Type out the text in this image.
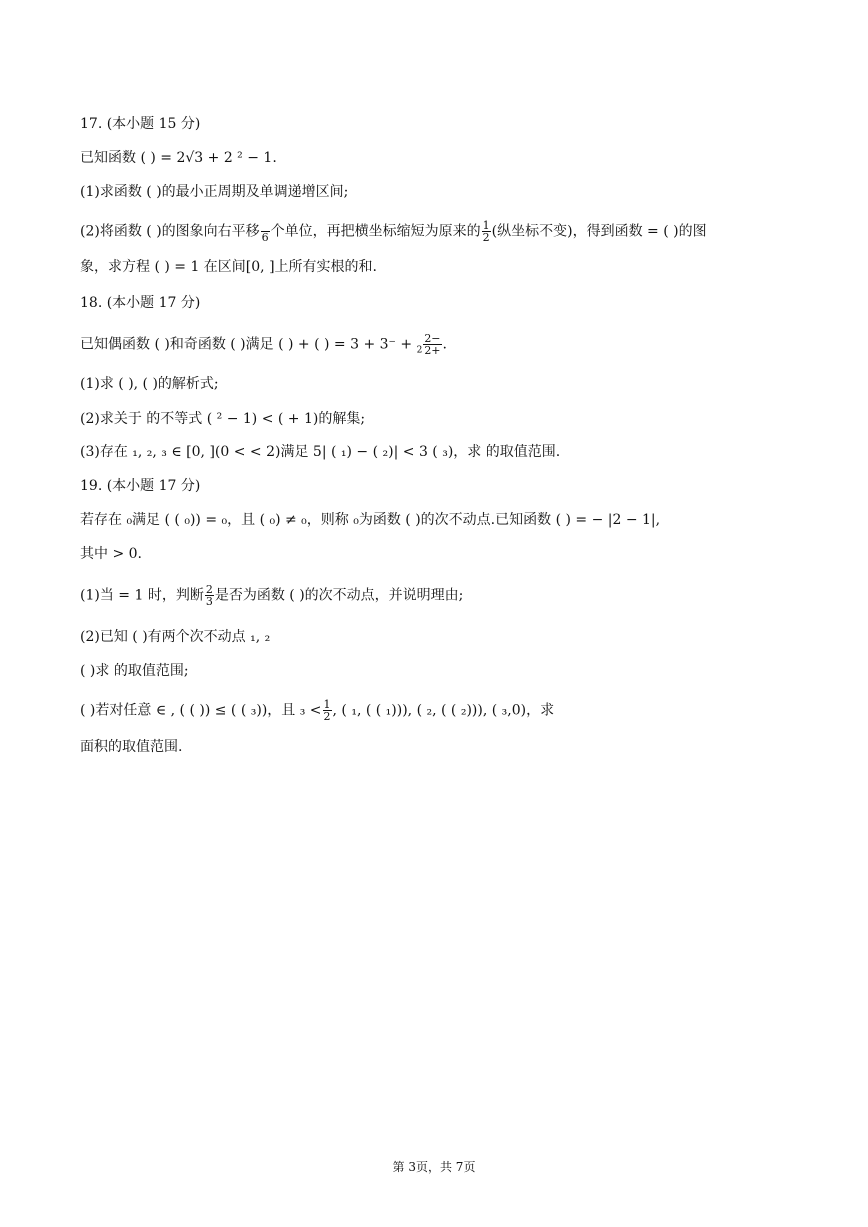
17. (本小题 15 分)
已知函数 ( ) = 2√3 + 2 ² − 1.
(1)求函数 ( )的最小正周期及单调递增区间;
(2)将函数 ( )的图象向右平移
6 个单位，再把横坐标缩短为原来的 $\frac{1}{2}$ (纵坐标不变)，得到函数 = ( )的图
象，求方程 ( ) = 1 在区间[0, ]上所有实根的和.
18. (本小题 17 分)
已知偶函数 ( )和奇函数 ( )满足 ( ) + ( ) = $3 + 3^- + _2 \frac{2-}{2+}$ .
(1)求 ( ), ( )的解析式;
(2)求关于 的不等式 ( ² − 1) < ( + 1)的解集;
(3)存在 ₁, ₂, ₃ ∈ [0, ](0 < < 2)满足 5| ( ₁) − ( ₂)| < 3 ( ₃)，求 的取值范围.
19. (本小题 17 分)
若存在 ₀满足 ( ( ₀)) = ₀，且 ( ₀) ≠ ₀，则称 ₀为函数 ( )的次不动点.已知函数 ( ) = − |2 − 1|,
其中 > 0.
(1)当 = 1 时，判断 $\frac{2}{3}$ 是否为函数 ( )的次不动点，并说明理由;
(2)已知 ( )有两个次不动点 ₁, ₂
( )求 的取值范围;
( )若对任意 ∈ , ( ( )) ≤ ( ( ₃))，且 $_3 < \frac{1}{2}$ , ( ₁, ( ( ₁))), ( ₂, ( ( ₂))), ( ₃,0)，求
面积的取值范围.
第 3页，共 7页
